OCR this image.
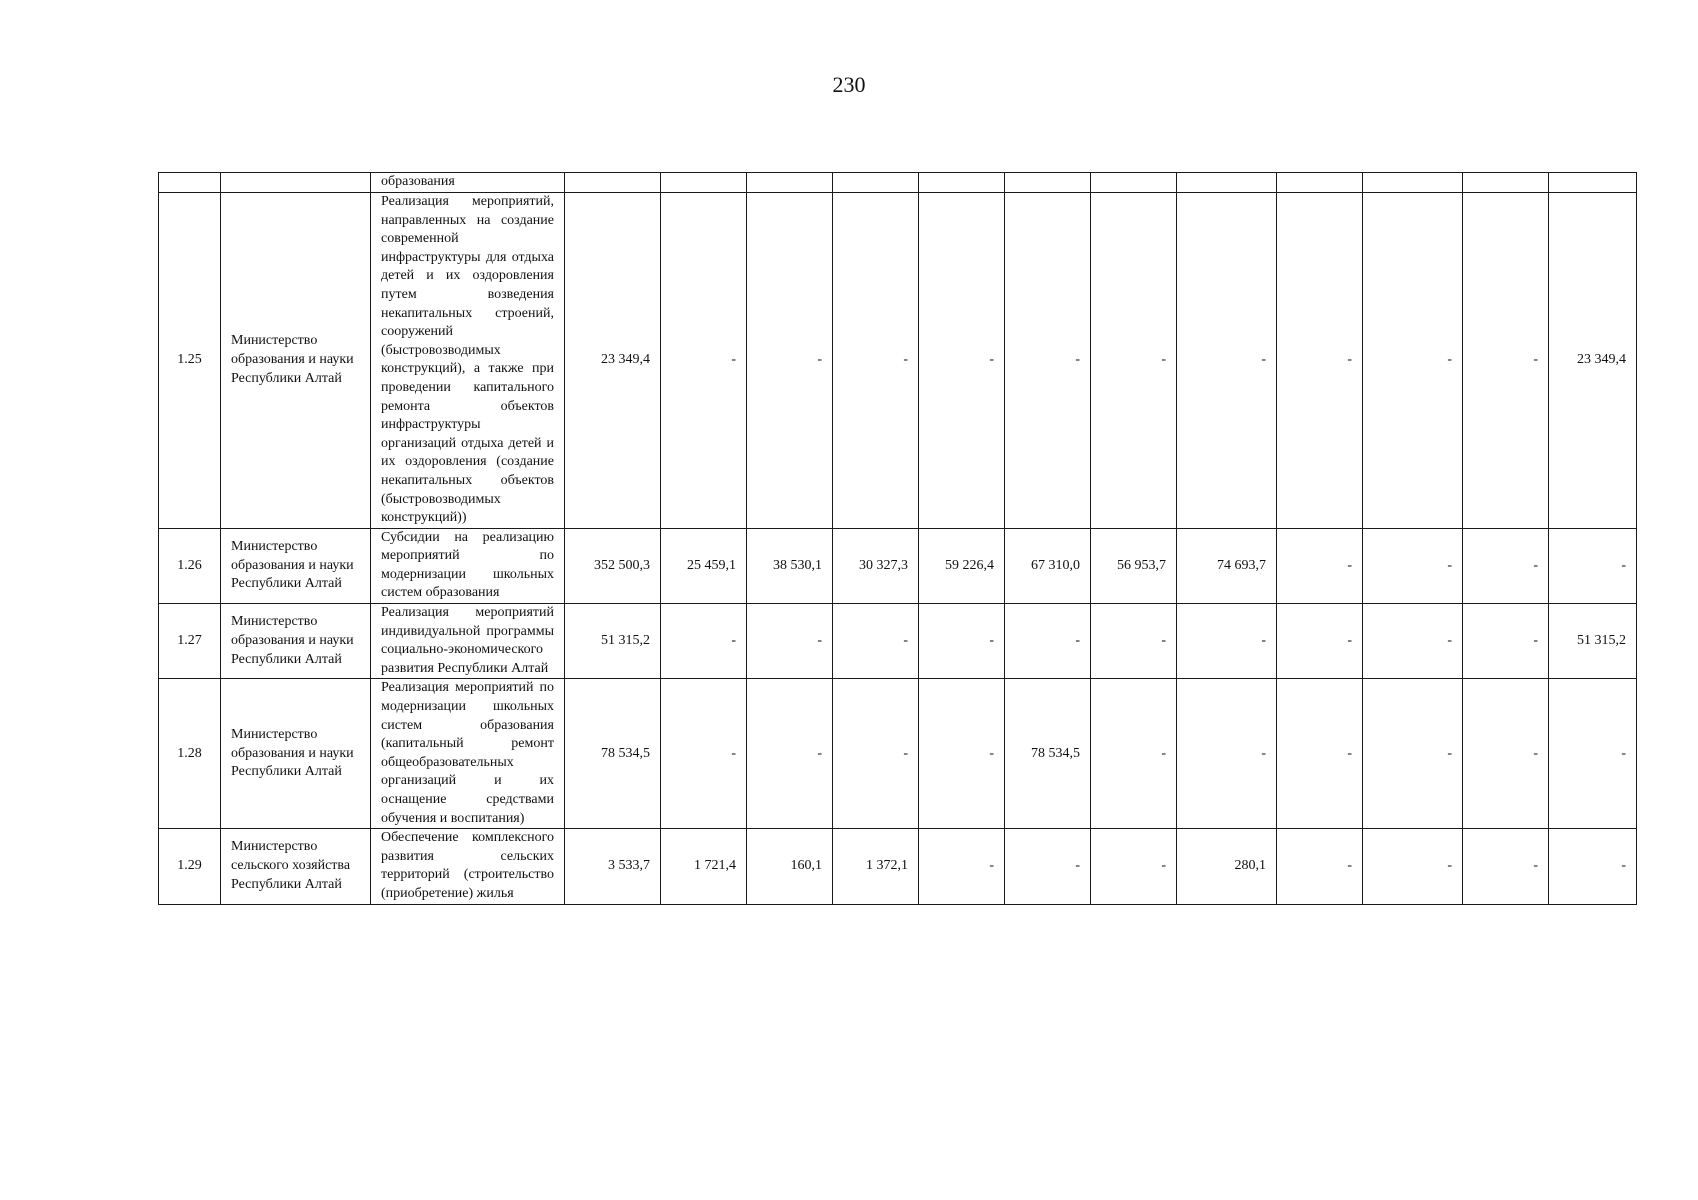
230
		образования												
1.25	Министерство образования и науки Республики Алтай	Реализация мероприятий, направленных на создание современной инфраструктуры для отдыха детей и их оздоровления путем возведения некапитальных строений, сооружений (быстровозводимых конструкций), а также при проведении капитального ремонта объектов инфраструктуры организаций отдыха детей и их оздоровления (создание некапитальных объектов (быстровозводимых конструкций))	23 349,4	-	-	-	-	-	-	-	-	-	-	23 349,4
1.26	Министерство образования и науки Республики Алтай	Субсидии на реализацию мероприятий по модернизации школьных систем образования	352 500,3	25 459,1	38 530,1	30 327,3	59 226,4	67 310,0	56 953,7	74 693,7	-	-	-	-
1.27	Министерство образования и науки Республики Алтай	Реализация мероприятий индивидуальной программы социально-экономического развития Республики Алтай	51 315,2	-	-	-	-	-	-	-	-	-	-	51 315,2
1.28	Министерство образования и науки Республики Алтай	Реализация мероприятий по модернизации школьных систем образования (капитальный ремонт общеобразовательных организаций и их оснащение средствами обучения и воспитания)	78 534,5	-	-	-	-	78 534,5	-	-	-	-	-	-
1.29	Министерство сельского хозяйства Республики Алтай	Обеспечение комплексного развития сельских территорий (строительство (приобретение) жилья	3 533,7	1 721,4	160,1	1 372,1	-	-	-	280,1	-	-	-	-
